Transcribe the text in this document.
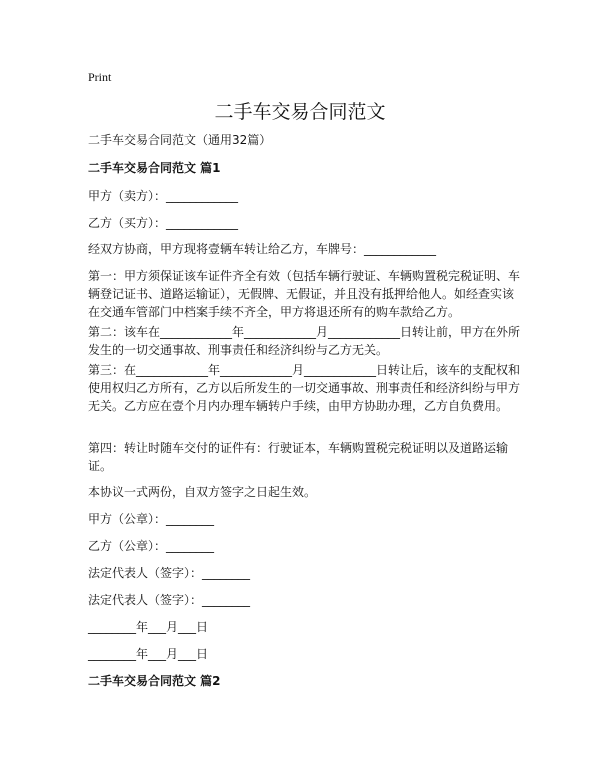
Print
二手车交易合同范文
二手车交易合同范文（通用32篇）
二手车交易合同范文 篇1
甲方（卖方）：____________
乙方（买方）：____________
经双方协商，甲方现将壹辆车转让给乙方，车牌号：____________
第一：甲方须保证该车证件齐全有效（包括车辆行驶证、车辆购置税完税证明、车辆登记证书、道路运输证），无假牌、无假证，并且没有抵押给他人。如经查实该在交通车管部门中档案手续不齐全，甲方将退还所有的购车款给乙方。
第二：该车在____________年____________月____________日转让前，甲方在外所发生的一切交通事故、刑事责任和经济纠纷与乙方无关。
第三：在____________年____________月____________日转让后，该车的支配权和使用权归乙方所有，乙方以后所发生的一切交通事故、刑事责任和经济纠纷与甲方无关。乙方应在壹个月内办理车辆转户手续，由甲方协助办理，乙方自负费用。
第四：转让时随车交付的证件有：行驶证本，车辆购置税完税证明以及道路运输证。
本协议一式两份，自双方签字之日起生效。
甲方（公章）：________
乙方（公章）：________
法定代表人（签字）：________
法定代表人（签字）：________
________年___月___日
________年___月___日
二手车交易合同范文 篇2
